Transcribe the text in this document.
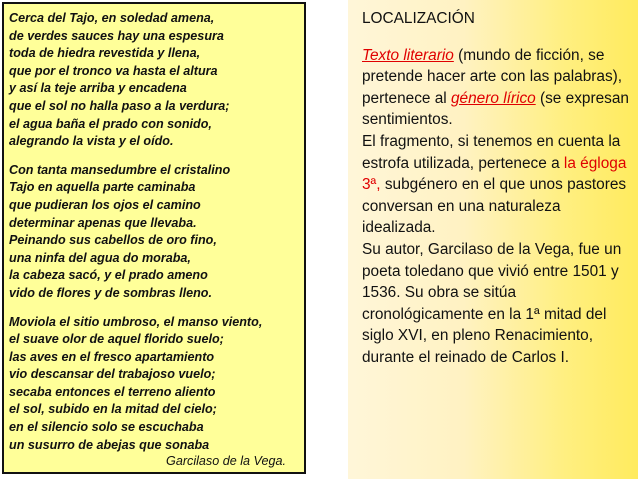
Cerca del Tajo, en soledad amena,
de verdes sauces hay una espesura
toda de hiedra revestida y llena,
que por el tronco va hasta el altura
y así la teje arriba y encadena
que el sol no halla paso a la verdura;
el agua baña el prado con sonido,
alegrando la vista y el oído.
Con tanta mansedumbre el cristalino
Tajo en aquella parte caminaba
que pudieran los ojos el camino
determinar apenas que llevaba.
Peinando sus cabellos de oro fino,
una ninfa del agua do moraba,
la cabeza sacó, y el prado ameno
vido de flores y de sombras lleno.
Moviola el sitio umbroso, el manso viento,
el suave olor de aquel florido suelo;
las aves en el fresco apartamiento
vio descansar del trabajoso vuelo;
secaba entonces el terreno aliento
el sol, subido en la mitad del cielo;
en el silencio solo se escuchaba
un susurro de abejas que sonaba
Garcilaso de la Vega.
LOCALIZACIÓN
Texto literario (mundo de ficción, se pretende hacer arte con las palabras), pertenece al género lírico (se expresan sentimientos.
El fragmento, si tenemos en cuenta la estrofa utilizada, pertenece a la égloga 3ª, subgénero en el que unos pastores conversan en una naturaleza idealizada.
Su autor, Garcilaso de la Vega, fue un poeta toledano que vivió entre 1501 y 1536. Su obra se sitúa cronológicamente en la 1ª mitad del siglo XVI, en pleno Renacimiento, durante el reinado de Carlos I.
